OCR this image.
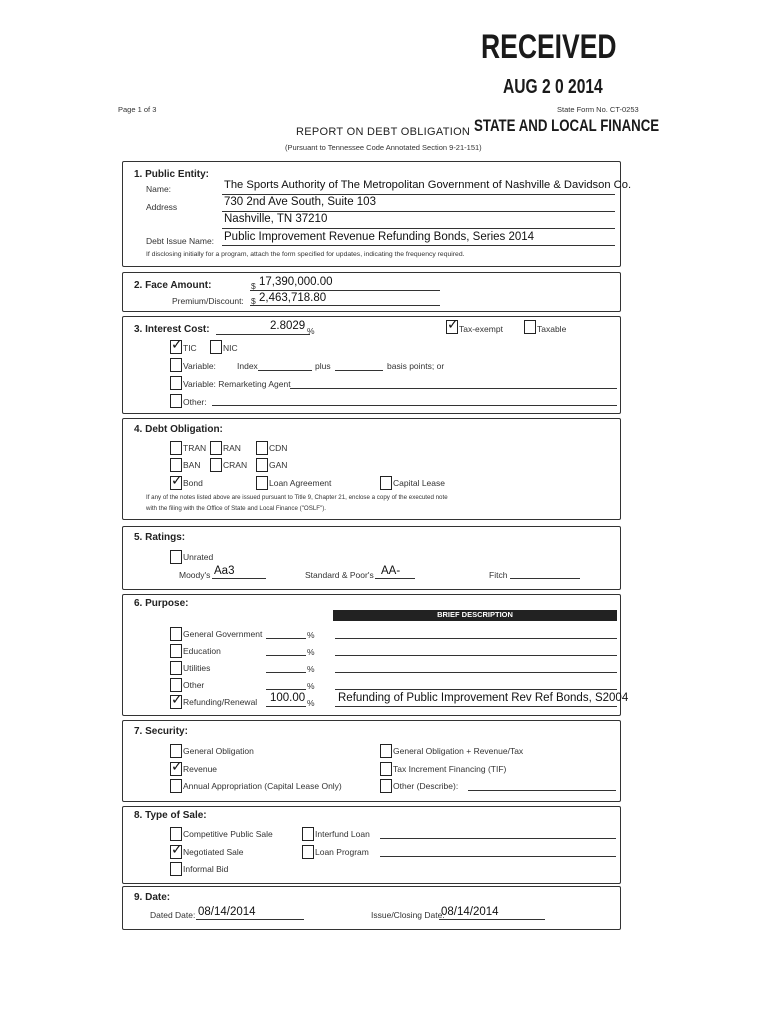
RECEIVED
AUG 2 0 2014
STATE AND LOCAL FINANCE
Page 1 of 3	State Form No. CT-0253
REPORT ON DEBT OBLIGATION
(Pursuant to Tennessee Code Annotated Section 9-21-151)
1. Public Entity:
Name:	The Sports Authority of The Metropolitan Government of Nashville & Davidson Co.
Address	730 2nd Ave South, Suite 103
Nashville, TN 37210
Debt Issue Name: Public Improvement Revenue Refunding Bonds, Series 2014
If disclosing initially for a program, attach the form specified for updates, indicating the frequency required.
2. Face Amount:	$ 17,390,000.00
Premium/Discount: $ 2,463,718.80
3. Interest Cost:	2.8029 %
✓	Tax-exempt	Taxable
✓
TIC	NIC
Variable: Index	plus	basis points; or
Variable: Remarketing Agent
Other:
4. Debt Obligation:
TRAN RAN	CDN
BAN	CRAN	GAN
✓
Bond	Loan Agreement	Capital Lease
If any of the notes listed above are issued pursuant to Title 9, Chapter 21, enclose a copy of the executed note
with the filing with the Office of State and Local Finance ("OSLF").
5. Ratings:
Unrated
Moody's Aa3	Standard & Poor's AA-	Fitch
6. Purpose:
BRIEF DESCRIPTION
General Government	%
Education	%
Utilities	%
Other	%
✓
Refunding/Renewal 100.00 % Refunding of Public Improvement Rev Ref Bonds, S2004
7. Security:
General Obligation
✓
Revenue
Annual Appropriation (Capital Lease Only)
General Obligation + Revenue/Tax
Tax Increment Financing (TIF)
Other (Describe):
8. Type of Sale:
Competitive Public Sale
✓
Negotiated Sale
Informal Bid
Interfund Loan
Loan Program
9. Date:
Dated Date: 08/14/2014	Issue/Closing Date:
08/14/2014
